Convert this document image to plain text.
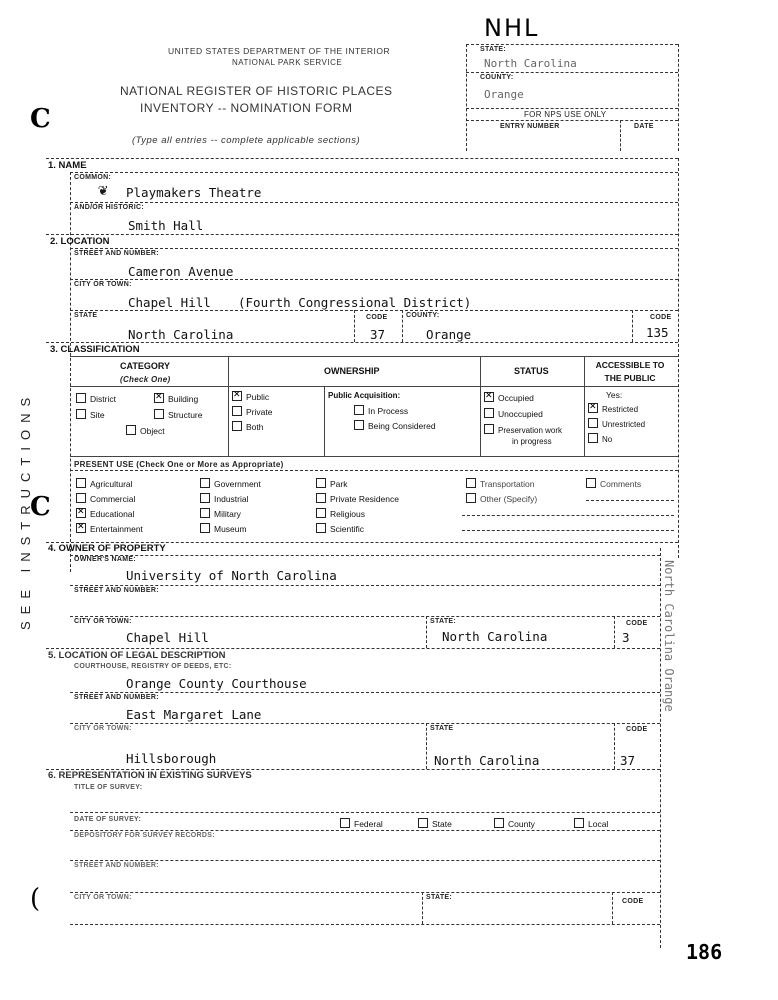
NHL
UNITED STATES DEPARTMENT OF THE INTERIOR
NATIONAL PARK SERVICE
NATIONAL REGISTER OF HISTORIC PLACES
INVENTORY -- NOMINATION FORM
(Type all entries -- complete applicable sections)
STATE:
North Carolina
COUNTY:
Orange
FOR NPS USE ONLY
ENTRY NUMBER	DATE
C
C
(
SEE INSTRUCTIONS
1. NAME
COMMON:
❦ Playmakers Theatre
AND/OR HISTORIC:
Smith Hall
2. LOCATION
STREET AND NUMBER:
Cameron Avenue
CITY OR TOWN:
Chapel Hill (Fourth Congressional District)
STATE
North Carolina
CODE
37
COUNTY:
Orange
CODE
135
3. CLASSIFICATION
CATEGORY
(Check One)
OWNERSHIP	STATUS
ACCESSIBLE TO THE PUBLIC
District
✕	Building
Site	Structure
Object
✕Public
Private
Both
Public Acquisition:
In Process
Being Considered
✕Occupied
Unoccupied
Preservation work
in progress
Yes:
✕Restricted
Unrestricted
No
PRESENT USE (Check One or More as Appropriate)
Agricultural
Commercial
✕Educational
✕Entertainment
Government
Industrial
Military
Museum
Park
Private Residence
Religious
Scientific
Transportation
Other (Specify)
Comments
4. OWNER OF PROPERTY
OWNER'S NAME:
University of North Carolina
STREET AND NUMBER:
CITY OR TOWN:
Chapel Hill
STATE:
North Carolina
CODE
3
5. LOCATION OF LEGAL DESCRIPTION
COURTHOUSE, REGISTRY OF DEEDS, ETC:
Orange County Courthouse
STREET AND NUMBER:
East Margaret Lane
CITY OR TOWN:
Hillsborough
STATE
North Carolina
CODE
37
6. REPRESENTATION IN EXISTING SURVEYS
TITLE OF SURVEY:
DATE OF SURVEY:	Federal	State	County	Local
DEPOSITORY FOR SURVEY RECORDS:
STREET AND NUMBER:
CITY OR TOWN:	STATE:
CODE
North Carolina Orange
186
